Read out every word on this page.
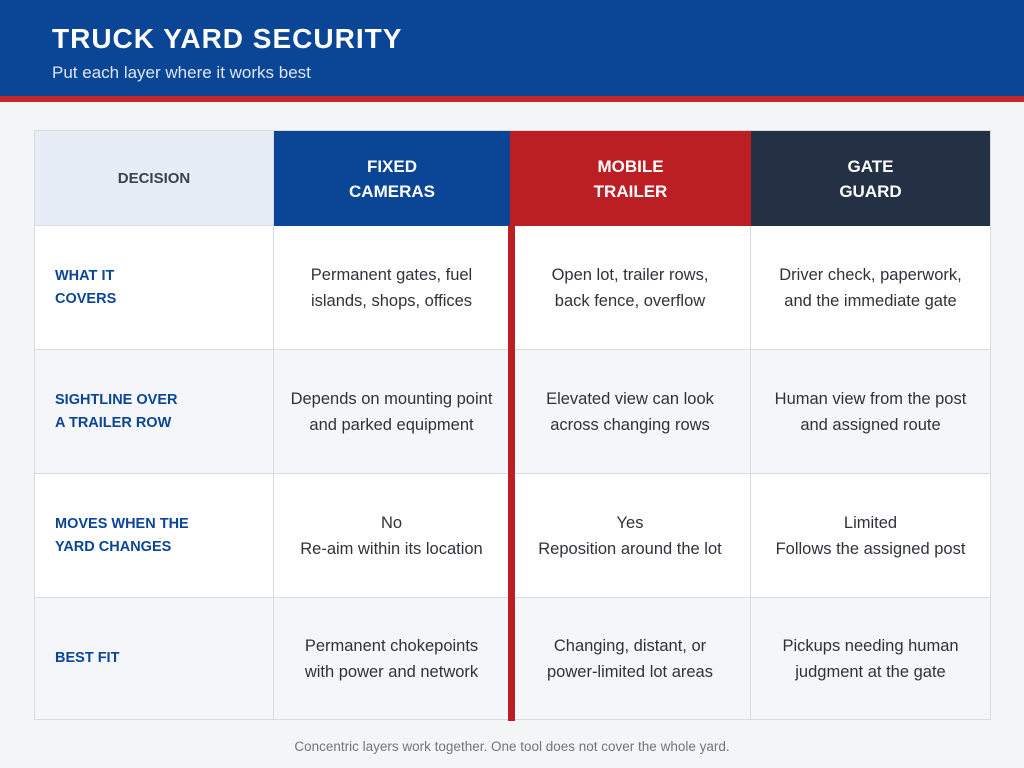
TRUCK YARD SECURITY
Put each layer where it works best
DECISION
FIXED
CAMERAS
MOBILE
TRAILER
GATE
GUARD
WHAT IT
COVERS
Permanent gates, fuel
islands, shops, offices
Open lot, trailer rows,
back fence, overflow
Driver check, paperwork,
and the immediate gate
SIGHTLINE OVER
A TRAILER ROW
Depends on mounting point
and parked equipment
Elevated view can look
across changing rows
Human view from the post
and assigned route
MOVES WHEN THE
YARD CHANGES
No
Re-aim within its location
Yes
Reposition around the lot
Limited
Follows the assigned post
BEST FIT
Permanent chokepoints
with power and network
Changing, distant, or
power-limited lot areas
Pickups needing human
judgment at the gate
Concentric layers work together. One tool does not cover the whole yard.
